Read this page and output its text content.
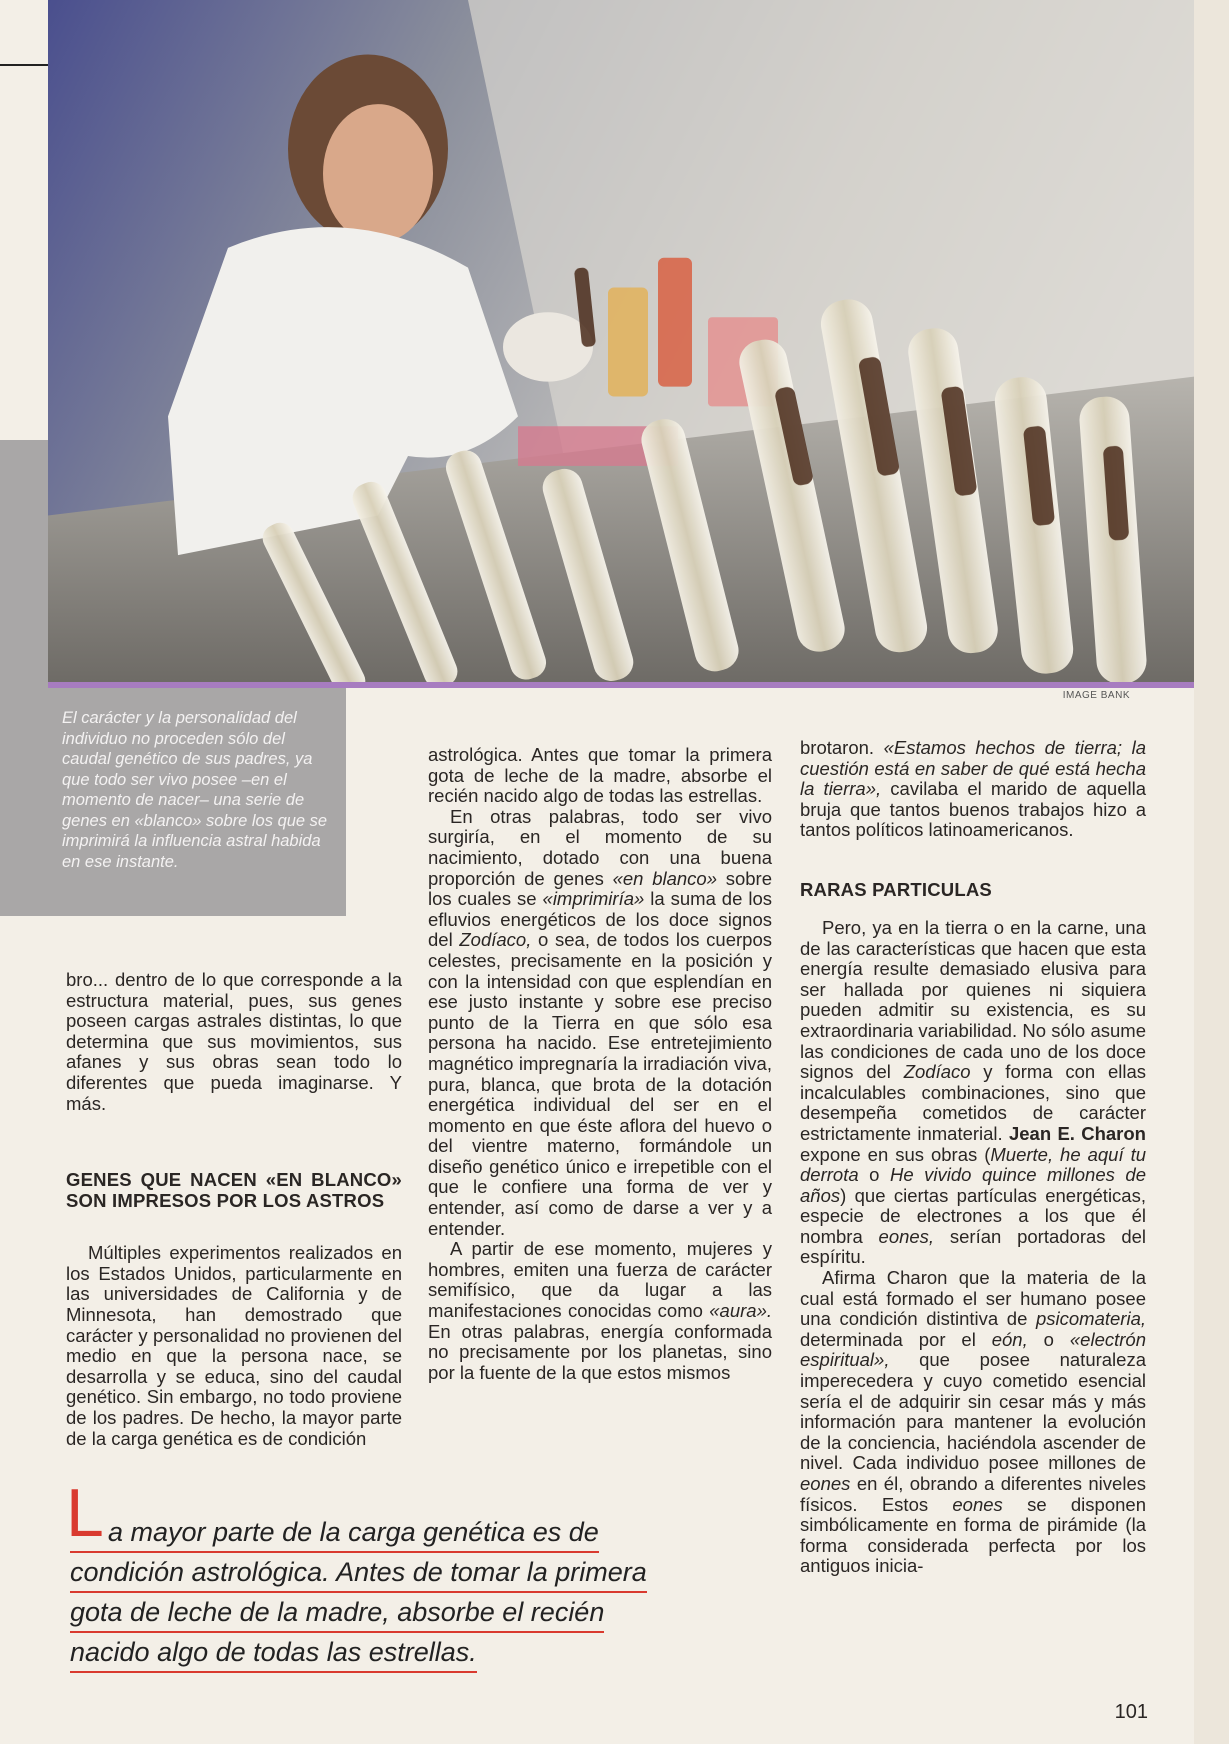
IMAGE BANK
El carácter y la personalidad del individuo no proceden sólo del caudal genético de sus padres, ya que todo ser vivo posee –en el momento de nacer– una serie de genes en «blanco» sobre los que se imprimirá la influencia astral habida en ese instante.

bro... dentro de lo que corresponde a la estructura material, pues, sus genes poseen cargas astrales distintas, lo que determina que sus movimientos, sus afanes y sus obras sean todo lo diferentes que pueda imaginarse. Y más.

GENES QUE NACEN «EN BLANCO» SON IMPRESOS POR LOS ASTROS

Múltiples experimentos realizados en los Estados Unidos, particularmente en las universidades de California y de Minnesota, han demostrado que carácter y personalidad no provienen del medio en que la persona nace, se desarrolla y se educa, sino del caudal genético. Sin embargo, no todo proviene de los padres. De hecho, la mayor parte de la carga genética es de condición

astrológica. Antes que tomar la primera gota de leche de la madre, absorbe el recién nacido algo de todas las estrellas.

En otras palabras, todo ser vivo surgiría, en el momento de su nacimiento, dotado con una buena proporción de genes «en blanco» sobre los cuales se «imprimiría» la suma de los efluvios energéticos de los doce signos del Zodíaco, o sea, de todos los cuerpos celestes, precisamente en la posición y con la intensidad con que esplendían en ese justo instante y sobre ese preciso punto de la Tierra en que sólo esa persona ha nacido. Ese entretejimiento magnético impregnaría la irradiación viva, pura, blanca, que brota de la dotación energética individual del ser en el momento en que éste aflora del huevo o del vientre materno, formándole un diseño genético único e irrepetible con el que le confiere una forma de ver y entender, así como de darse a ver y a entender.

A partir de ese momento, mujeres y hombres, emiten una fuerza de carácter semifísico, que da lugar a las manifestaciones conocidas como «aura». En otras palabras, energía conformada no precisamente por los planetas, sino por la fuente de la que estos mismos

brotaron. «Estamos hechos de tierra; la cuestión está en saber de qué está hecha la tierra», cavilaba el marido de aquella bruja que tantos buenos trabajos hizo a tantos políticos latinoamericanos.

RARAS PARTICULAS

Pero, ya en la tierra o en la carne, una de las características que hacen que esta energía resulte demasiado elusiva para ser hallada por quienes ni siquiera pueden admitir su existencia, es su extraordinaria variabilidad. No sólo asume las condiciones de cada uno de los doce signos del Zodíaco y forma con ellas incalculables combinaciones, sino que desempeña cometidos de carácter estrictamente inmaterial. Jean E. Charon expone en sus obras (Muerte, he aquí tu derrota o He vivido quince millones de años) que ciertas partículas energéticas, especie de electrones a los que él nombra eones, serían portadoras del espíritu.

Afirma Charon que la materia de la cual está formado el ser humano posee una condición distintiva de psicomateria, determinada por el eón, o «electrón espiritual», que posee naturaleza imperecedera y cuyo cometido esencial sería el de adquirir sin cesar más y más información para mantener la evolución de la conciencia, haciéndola ascender de nivel. Cada individuo posee millones de eones en él, obrando a diferentes niveles físicos. Estos eones se disponen simbólicamente en forma de pirámide (la forma considerada perfecta por los antiguos inicia-

L a mayor parte de la carga genética es de
condición astrológica. Antes de tomar la primera
gota de leche de la madre, absorbe el recién
nacido algo de todas las estrellas.
101
